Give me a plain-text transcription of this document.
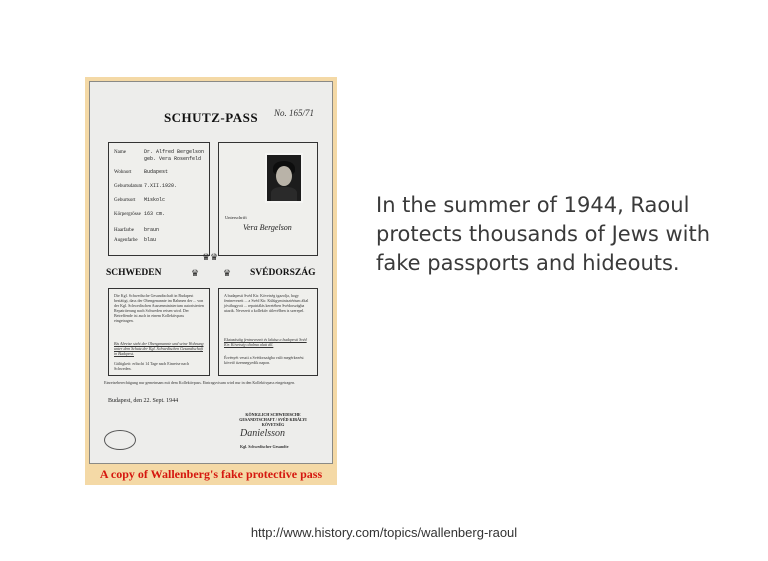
SCHUTZ-PASS	No. 165/71
Name	Dr. Alfred Bergelson
geb. Vera Rosenfeld
Wohnort	Budapest
Geburtsdatum 7.XII.1920.
Geburtsort Miskolc
Körpergrösse 163 cm.
Haarfarbe braun
Augenfarbe blau
Unterschrift
Vera Bergelson
♛♛
♛	♛
SCHWEDEN	SVÉDORSZÁG
Die Kgl. Schwedische Gesandtschaft in Budapest bestätigt, dass der Obengenannte im Rahmen der ... von der Kgl. Schwedischen Aussenministerium autorisierten Repatriierung nach Schweden reisen wird. Der Betreffende ist auch in einem Kollektivpass eingetragen.
Bis Abreise steht der Obengenannte und seine Wohnung unter dem Schutz der Kgl. Schwedischen Gesandtschaft in Budapest.
Gültigkeit: erlischt 14 Tage nach Einreise nach Schweden.
A budapesti Svéd Kir. Követség igazolja, hogy fentnevezett ... a Svéd Kir. Külügyminisztérium által jóváhagyott ... repatriálás keretében Svédországba utazik. Nevezett a kollektív útlevélben is szerepel.
Elutazásáig fentnevezett és lakása a budapesti Svéd Kir. Követség oltalma alatt áll.
Érvényét veszti a Svédországba való megérkezést követő tizennegyedik napon.
Einreiseberechtigung nur gemeinsam mit dem Kollektivpass. Eintragsvisum wird nur in den Kollektivpass eingetragen.
Budapest, den 22. Sept. 1944
KÖNIGLICH SCHWEDISCHE GESANDTSCHAFT / SVÉD KIRÁLYI KÖVETSÉG
Danielsson
Kgl. Schwedischer Gesandte
A copy of Wallenberg's fake protective pass
In the summer of 1944, Raoul protects thousands of Jews with fake passports and hideouts.
http://www.history.com/topics/wallenberg-raoul
